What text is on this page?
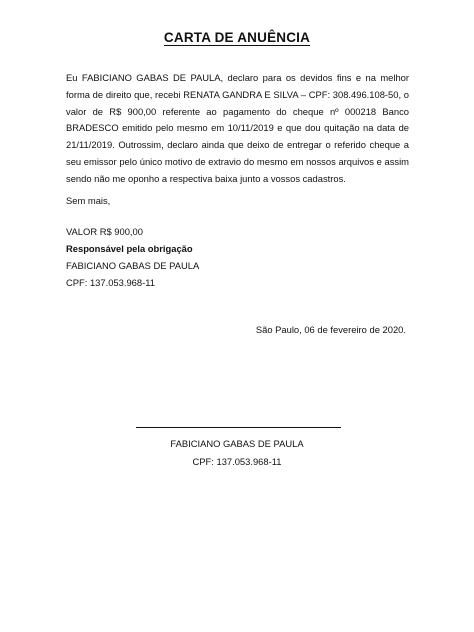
CARTA DE ANUÊNCIA
Eu FABICIANO GABAS DE PAULA, declaro para os devidos fins e na melhor forma de direito que, recebi RENATA GANDRA E SILVA – CPF: 308.496.108-50, o valor de R$ 900,00 referente ao pagamento do cheque nº 000218 Banco BRADESCO emitido pelo mesmo em 10/11/2019 e que dou quitação na data de 21/11/2019. Outrossim, declaro ainda que deixo de entregar o referido cheque a seu emissor pelo único motivo de extravio do mesmo em nossos arquivos e assim sendo não me oponho a respectiva baixa junto a vossos cadastros.
Sem mais,
VALOR R$ 900,00
Responsável pela obrigação
FABICIANO GABAS DE PAULA
CPF: 137.053.968-11
São Paulo, 06 de fevereiro de 2020.
FABICIANO GABAS DE PAULA
CPF: 137.053.968-11
